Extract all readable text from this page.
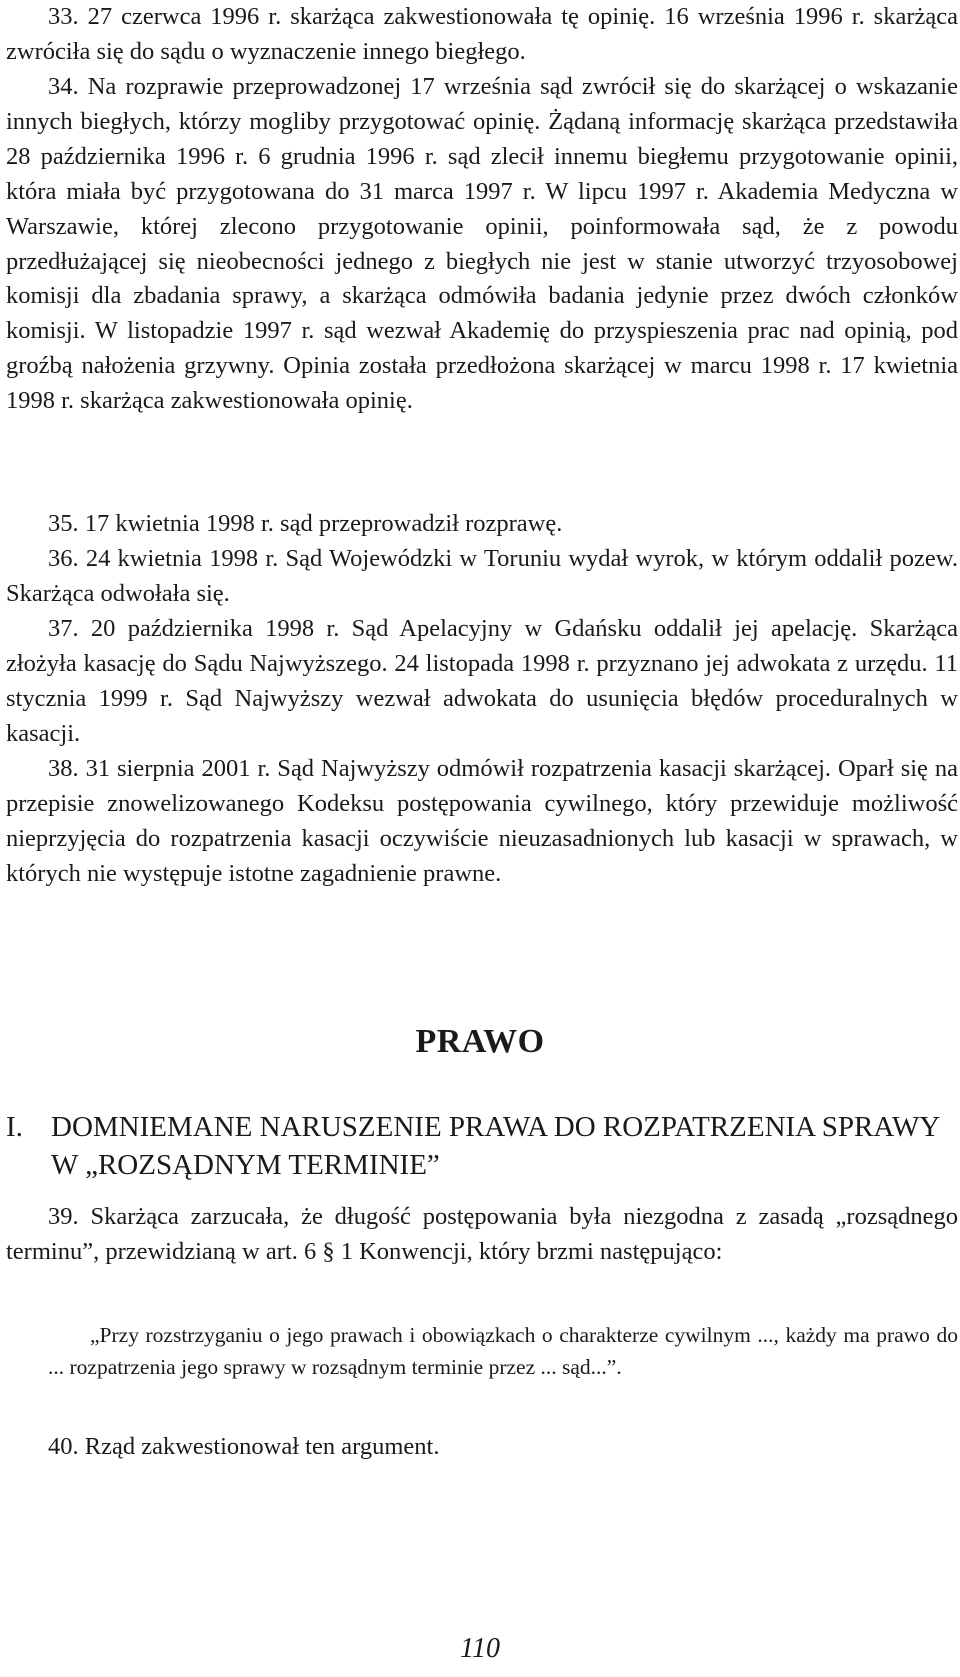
33. 27 czerwca 1996 r. skarżąca zakwestionowała tę opinię. 16 września 1996 r. skarżąca zwróciła się do sądu o wyznaczenie innego biegłego.

34. Na rozprawie przeprowadzonej 17 września sąd zwrócił się do skarżącej o wskazanie innych biegłych, którzy mogliby przygotować opinię. Żądaną informację skarżąca przedstawiła 28 października 1996 r. 6 grudnia 1996 r. sąd zlecił innemu biegłemu przygotowanie opinii, która miała być przygotowana do 31 marca 1997 r. W lipcu 1997 r. Akademia Medyczna w Warszawie, której zlecono przygotowanie opinii, poinformowała sąd, że z powodu przedłużającej się nieobecności jednego z biegłych nie jest w stanie utworzyć trzyosobowej komisji dla zbadania sprawy, a skarżąca odmówiła badania jedynie przez dwóch członków komisji. W listopadzie 1997 r. sąd wezwał Akademię do przyspieszenia prac nad opinią, pod groźbą nałożenia grzywny. Opinia została przedłożona skarżącej w marcu 1998 r. 17 kwietnia 1998 r. skarżąca zakwestionowała opinię.

35. 17 kwietnia 1998 r. sąd przeprowadził rozprawę.

36. 24 kwietnia 1998 r. Sąd Wojewódzki w Toruniu wydał wyrok, w którym oddalił pozew. Skarżąca odwołała się.

37. 20 października 1998 r. Sąd Apelacyjny w Gdańsku oddalił jej apelację. Skarżąca złożyła kasację do Sądu Najwyższego. 24 listopada 1998 r. przyznano jej adwokata z urzędu. 11 stycznia 1999 r. Sąd Najwyższy wezwał adwokata do usunięcia błędów proceduralnych w kasacji.

38. 31 sierpnia 2001 r. Sąd Najwyższy odmówił rozpatrzenia kasacji skarżącej. Oparł się na przepisie znowelizowanego Kodeksu postępowania cywilnego, który przewiduje możliwość nieprzyjęcia do rozpatrzenia kasacji oczywiście nieuzasadnionych lub kasacji w sprawach, w których nie występuje istotne zagadnienie prawne.

PRAWO
I. DOMNIEMANE NARUSZENIE PRAWA DO ROZPATRZENIA SPRAWY W „ROZSĄDNYM TERMINIE”

39. Skarżąca zarzucała, że długość postępowania była niezgodna z zasadą „rozsądnego terminu”, przewidzianą w art. 6 § 1 Konwencji, który brzmi następująco:

„Przy rozstrzyganiu o jego prawach i obowiązkach o charakterze cywilnym ..., każdy ma prawo do ... rozpatrzenia jego sprawy w rozsądnym terminie przez ... sąd...”.

40. Rząd zakwestionował ten argument.

110
